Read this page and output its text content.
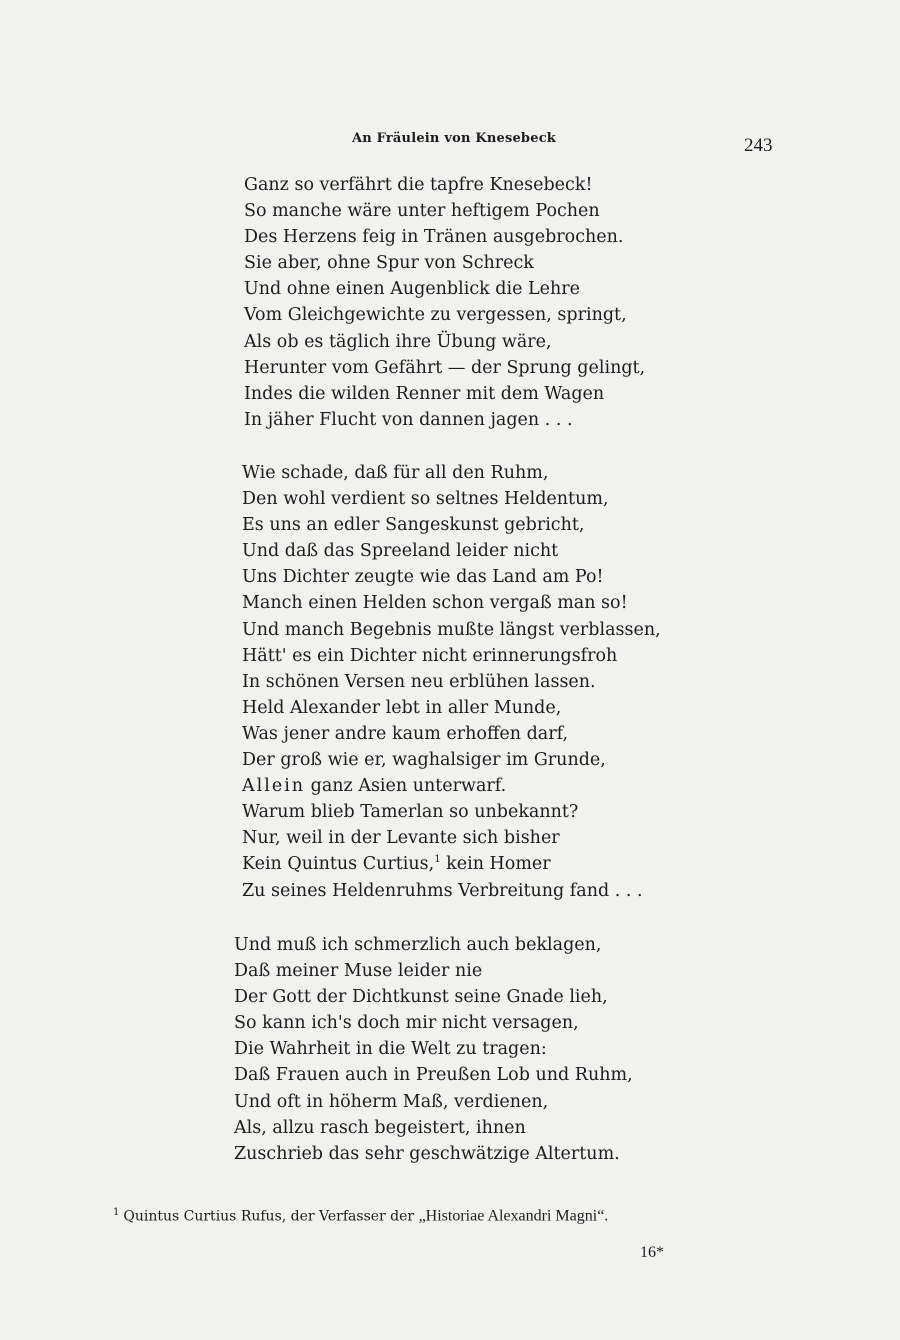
An Fräulein von Knesebeck	243
Ganz so verfährt die tapfre Knesebeck!
So manche wäre unter heftigem Pochen
Des Herzens feig in Tränen ausgebrochen.
Sie aber, ohne Spur von Schreck
Und ohne einen Augenblick die Lehre
Vom Gleichgewichte zu vergessen, springt,
Als ob es täglich ihre Übung wäre,
Herunter vom Gefährt — der Sprung gelingt,
Indes die wilden Renner mit dem Wagen
In jäher Flucht von dannen jagen . . .
Wie schade, daß für all den Ruhm,
Den wohl verdient so seltnes Heldentum,
Es uns an edler Sangeskunst gebricht,
Und daß das Spreeland leider nicht
Uns Dichter zeugte wie das Land am Po!
Manch einen Helden schon vergaß man so!
Und manch Begebnis mußte längst verblassen,
Hätt' es ein Dichter nicht erinnerungsfroh
In schönen Versen neu erblühen lassen.
Held Alexander lebt in aller Munde,
Was jener andre kaum erhoffen darf,
Der groß wie er, waghalsiger im Grunde,
Allein ganz Asien unterwarf.
Warum blieb Tamerlan so unbekannt?
Nur, weil in der Levante sich bisher
Kein Quintus Curtius,$^1$ kein Homer
Zu seines Heldenruhms Verbreitung fand . . .
Und muß ich schmerzlich auch beklagen,
Daß meiner Muse leider nie
Der Gott der Dichtkunst seine Gnade lieh,
So kann ich's doch mir nicht versagen,
Die Wahrheit in die Welt zu tragen:
Daß Frauen auch in Preußen Lob und Ruhm,
Und oft in höherm Maß, verdienen,
Als, allzu rasch begeistert, ihnen
Zuschrieb das sehr geschwätzige Altertum.
$^1$ Quintus Curtius Rufus, der Verfasser der „Historiae Alexandri Magni“.
16*
